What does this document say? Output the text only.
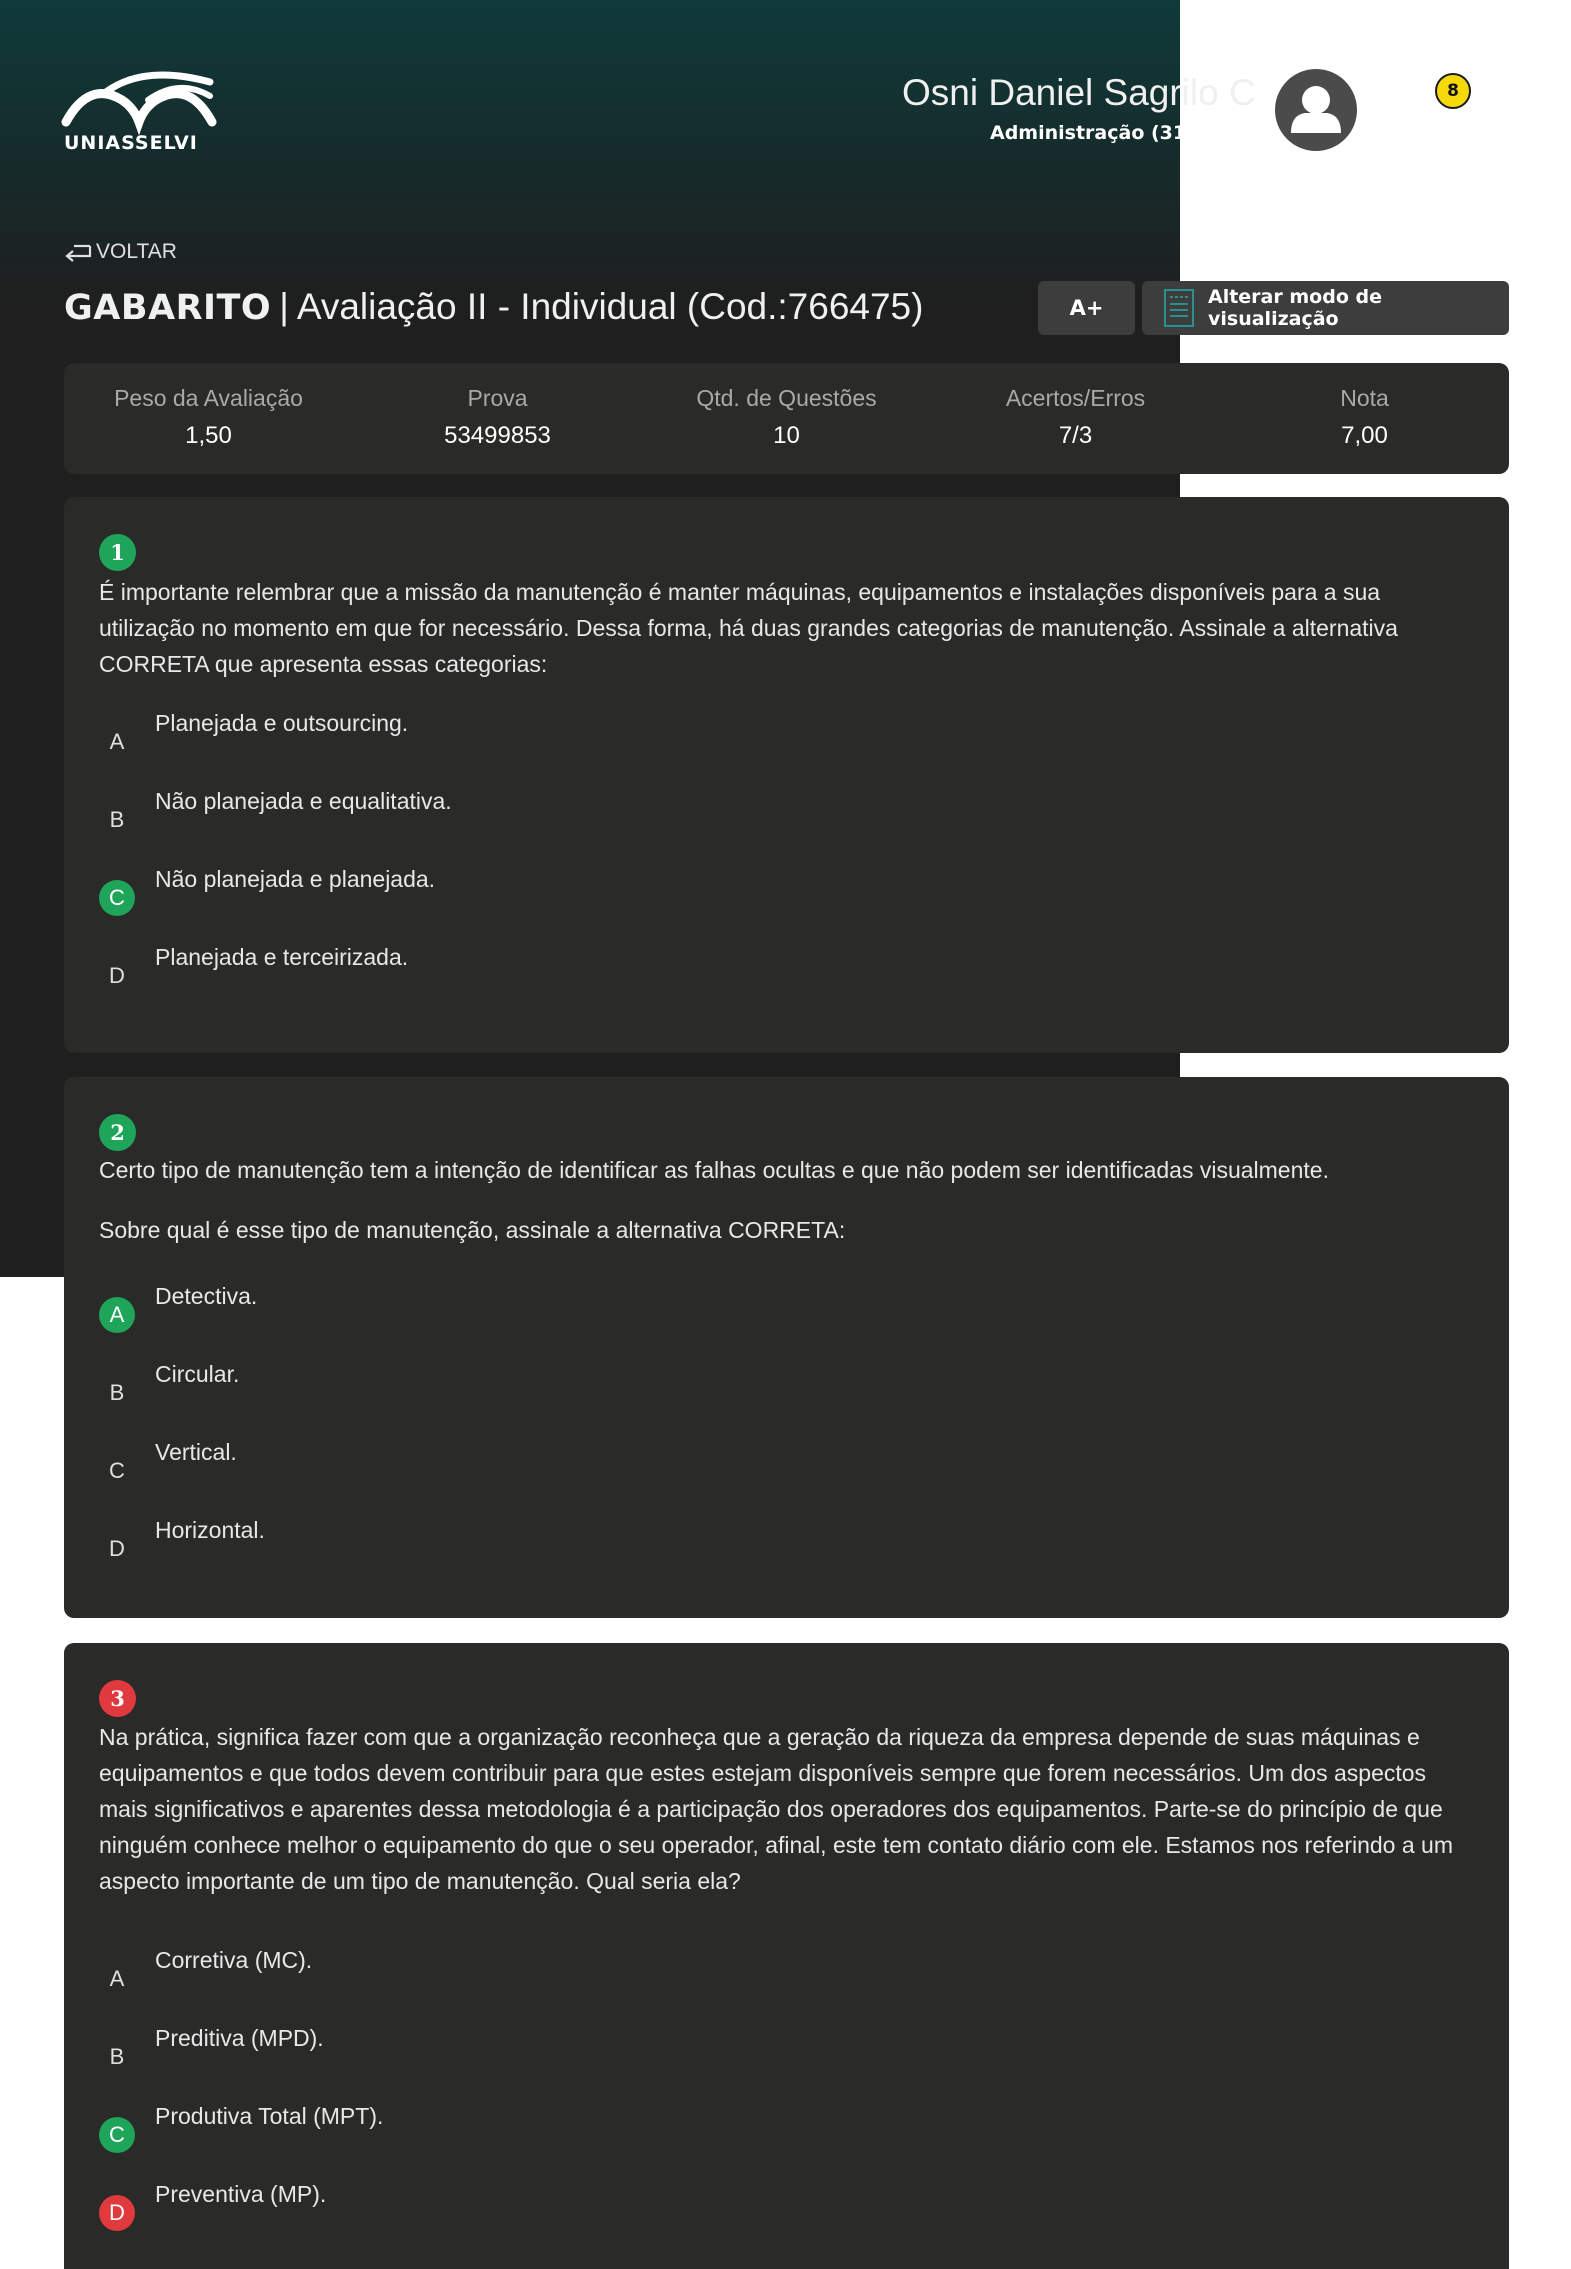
UNIASSELVI
Osni Daniel Sagrilo C
Administração (315
8
VOLTAR
GABARITO | Avaliação II - Individual (Cod.:766475)	A+	Alterar modo de visualização
Peso da Avaliação
1,50
Prova
53499853
Qtd. de Questões
10
Acertos/Erros
7/3
Nota
7,00
1
É importante relembrar que a missão da manutenção é manter máquinas, equipamentos e instalações disponíveis para a sua utilização no momento em que for necessário. Dessa forma, há duas grandes categorias de manutenção. Assinale a alternativa CORRETA que apresenta essas categorias:
A
Planejada e outsourcing.
B
Não planejada e equalitativa.
C
Não planejada e planejada.
D
Planejada e terceirizada.
2
Certo tipo de manutenção tem a intenção de identificar as falhas ocultas e que não podem ser identificadas visualmente.
Sobre qual é esse tipo de manutenção, assinale a alternativa CORRETA:
A
Detectiva.
B
Circular.
C
Vertical.
D
Horizontal.
3
Na prática, significa fazer com que a organização reconheça que a geração da riqueza da empresa depende de suas máquinas e equipamentos e que todos devem contribuir para que estes estejam disponíveis sempre que forem necessários. Um dos aspectos mais significativos e aparentes dessa metodologia é a participação dos operadores dos equipamentos. Parte-se do princípio de que ninguém conhece melhor o equipamento do que o seu operador, afinal, este tem contato diário com ele. Estamos nos referindo a um aspecto importante de um tipo de manutenção. Qual seria ela?
A
Corretiva (MC).
B
Preditiva (MPD).
C
Produtiva Total (MPT).
D
Preventiva (MP).
